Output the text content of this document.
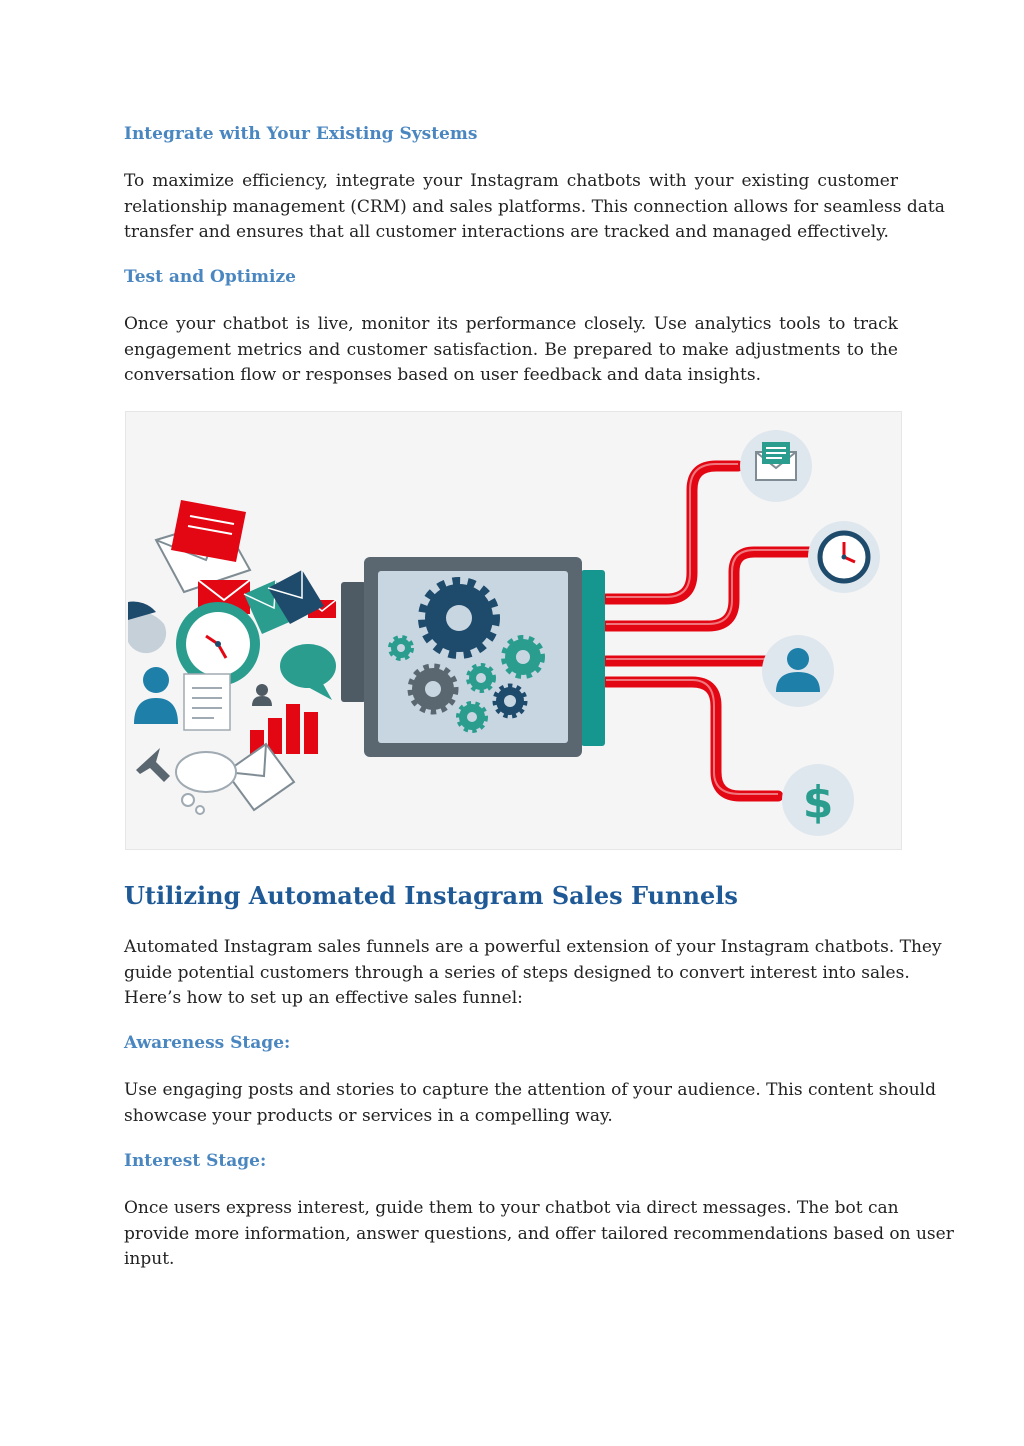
Integrate with Your Existing Systems

To maximize efficiency, integrate your Instagram chatbots with your existing customer
relationship management (CRM) and sales platforms. This connection allows for seamless data
transfer and ensures that all customer interactions are tracked and managed effectively.

Test and Optimize

Once your chatbot is live, monitor its performance closely. Use analytics tools to track
engagement metrics and customer satisfaction. Be prepared to make adjustments to the
conversation flow or responses based on user feedback and data insights.

$
Utilizing Automated Instagram Sales Funnels

Automated Instagram sales funnels are a powerful extension of your Instagram chatbots. They
guide potential customers through a series of steps designed to convert interest into sales.
Here’s how to set up an effective sales funnel:

Awareness Stage:

Use engaging posts and stories to capture the attention of your audience. This content should
showcase your products or services in a compelling way.

Interest Stage:

Once users express interest, guide them to your chatbot via direct messages. The bot can
provide more information, answer questions, and offer tailored recommendations based on user
input.
